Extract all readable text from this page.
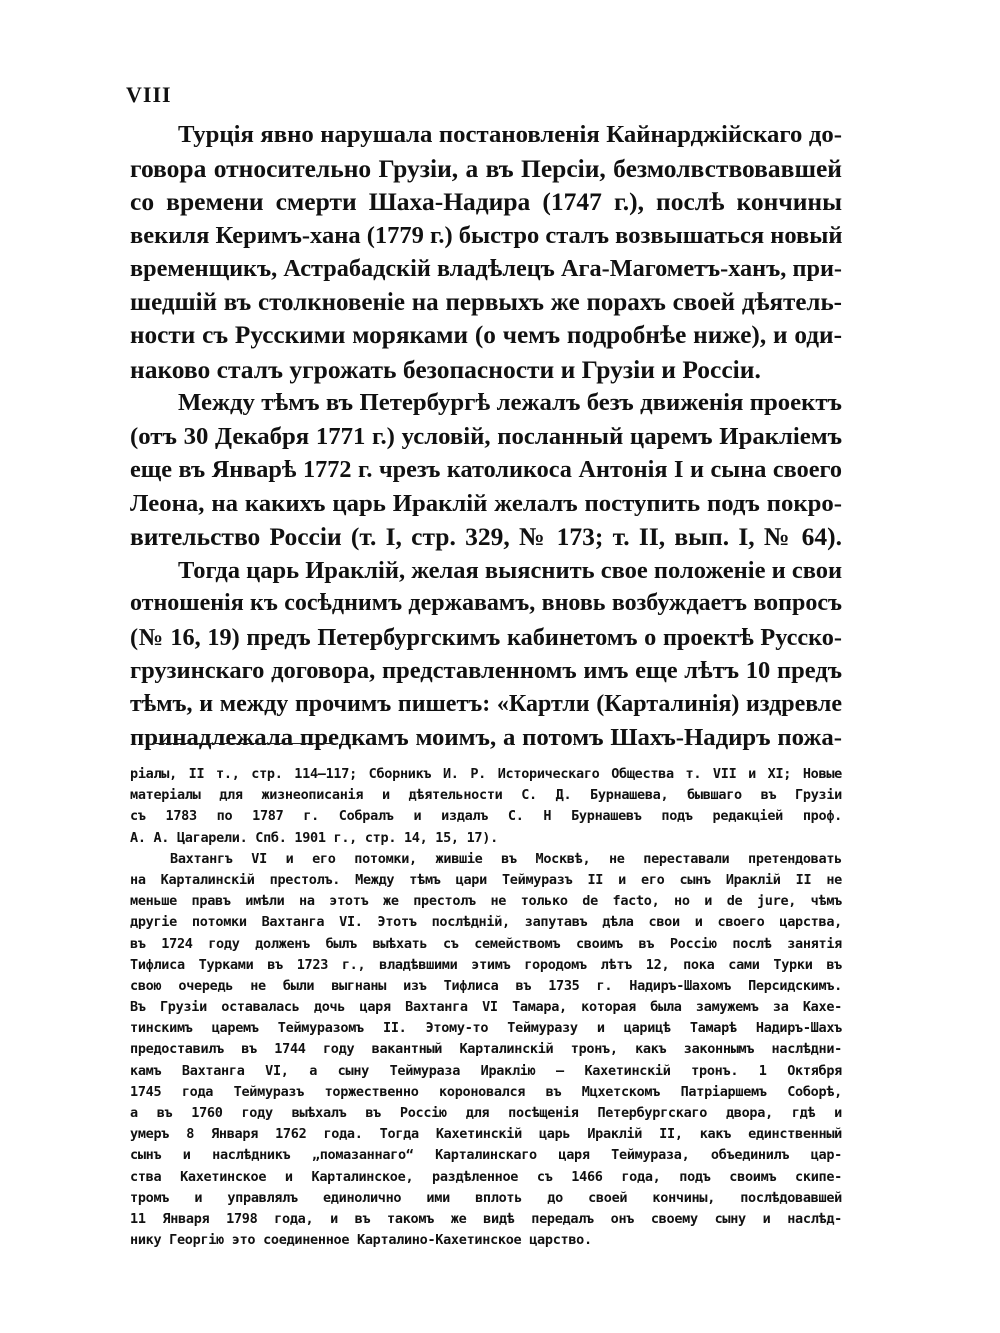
VIII
Турція явно нарушала постановленія Кайнарджійскаго до-
говора относительно Грузіи, а въ Персіи, безмолвствовавшей
со времени смерти Шаха-Надира (1747 г.), послѣ кончины
векиля Керимъ-хана (1779 г.) быстро сталъ возвышаться новый
временщикъ, Астрабадскій владѣлецъ Ага-Магометъ-ханъ, при-
шедшій въ столкновеніе на первыхъ же порахъ своей дѣятель-
ности съ Русскими моряками (о чемъ подробнѣе ниже), и оди-
наково сталъ угрожать безопасности и Грузіи и Россіи.
Между тѣмъ въ Петербургѣ лежалъ безъ движенія проектъ
(отъ 30 Декабря 1771 г.) условій, посланный царемъ Иракліемъ
еще въ Январѣ 1772 г. чрезъ католикоса Антонія I и сына своего
Леона, на какихъ царь Ираклій желалъ поступить подъ покро-
вительство Россіи (т. I, стр. 329, № 173; т. II, вып. I, № 64).
Тогда царь Ираклій, желая выяснить свое положеніе и свои
отношенія къ сосѣднимъ державамъ, вновь возбуждаетъ вопросъ
(№ 16, 19) предъ Петербургскимъ кабинетомъ о проектѣ Русско-
грузинскаго договора, представленномъ имъ еще лѣтъ 10 предъ
тѣмъ, и между прочимъ пишетъ: «Картли (Карталинія) издревле
принадлежала предкамъ моимъ, а потомъ Шахъ-Надиръ пожа-
ріалы, II т., стр. 114—117; Сборникъ И. Р. Историческаго Общества т. VII и XI; Новые
матеріалы для жизнеописанія и дѣятельности С. Д. Бурнашева, бывшаго въ Грузіи
съ 1783 по 1787 г. Собралъ и издалъ С. Н Бурнашевъ подъ редакціей проф.
А. А. Цагарели. Спб. 1901 г., стр. 14, 15, 17).
Вахтангъ VI и его потомки, жившіе въ Москвѣ, не переставали претендовать
на Карталинскій престолъ. Между тѣмъ цари Теймуразъ II и его сынъ Ираклій II не
меньше правъ имѣли на этотъ же престолъ не только de facto, но и de jure, чѣмъ
другіе потомки Вахтанга VI. Этотъ послѣдній, запутавъ дѣла свои и своего царства,
въ 1724 году долженъ былъ выѣхать съ семействомъ своимъ въ Россію послѣ занятія
Тифлиса Турками въ 1723 г., владѣвшими этимъ городомъ лѣтъ 12, пока сами Турки въ
свою очередь не были выгнаны изъ Тифлиса въ 1735 г. Надиръ-Шахомъ Персидскимъ.
Въ Грузіи оставалась дочь царя Вахтанга VI Тамара, которая была замужемъ за Кахе-
тинскимъ царемъ Теймуразомъ II. Этому-то Теймуразу и царицѣ Тамарѣ Надиръ-Шахъ
предоставилъ въ 1744 году вакантный Карталинскій тронъ, какъ законнымъ наслѣдни-
камъ Вахтанга VI, а сыну Теймураза Ираклію — Кахетинскій тронъ. 1 Октября
1745 года Теймуразъ торжественно короновался въ Мцхетскомъ Патріаршемъ Соборѣ,
а въ 1760 году выѣхалъ въ Россію для посѣщенія Петербургскаго двора, гдѣ и
умеръ 8 Января 1762 года. Тогда Кахетинскій царь Ираклій II, какъ единственный
сынъ и наслѣдникъ „помазаннаго“ Карталинскаго царя Теймураза, объединилъ цар-
ства Кахетинское и Карталинское, раздѣленное съ 1466 года, подъ своимъ скипе-
тромъ и управлялъ единолично ими вплоть до своей кончины, послѣдовавшей
11 Января 1798 года, и въ такомъ же видѣ передалъ онъ своему сыну и наслѣд-
нику Георгію это соединенное Карталино-Кахетинское царство.
